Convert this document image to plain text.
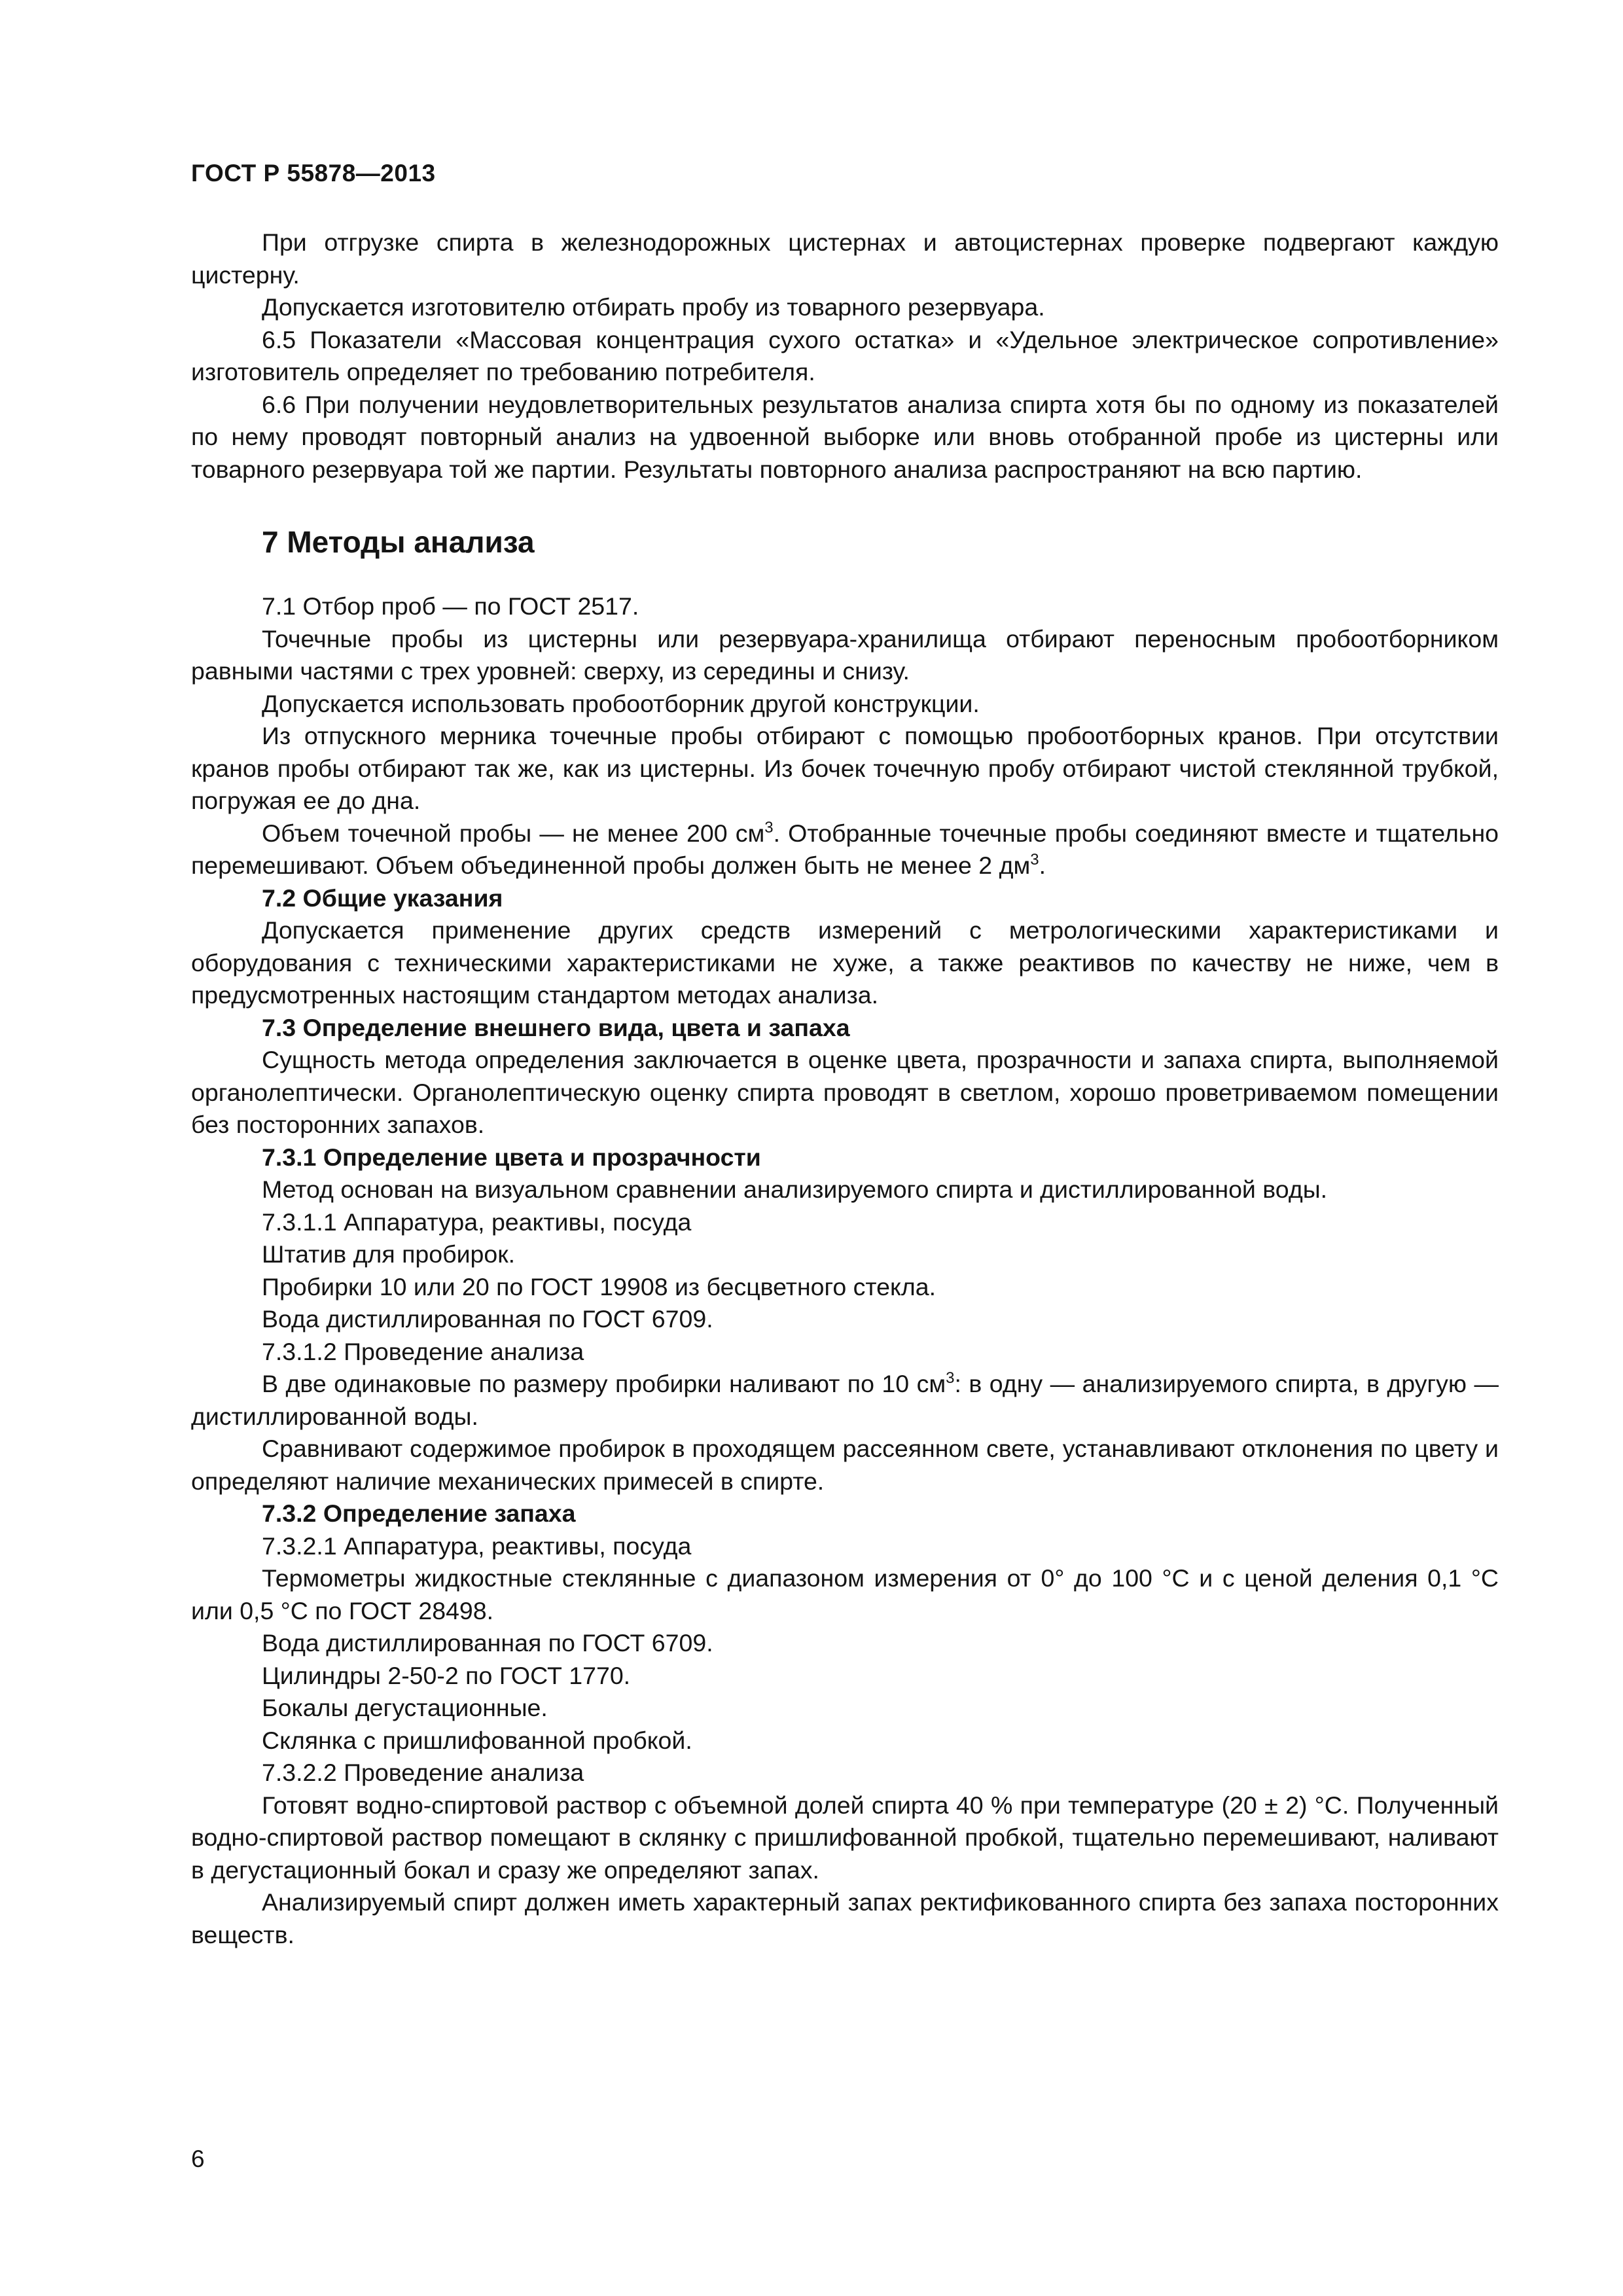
ГОСТ Р 55878—2013

При отгрузке спирта в железнодорожных цистернах и автоцистернах проверке подвергают каждую цистерну.

Допускается изготовителю отбирать пробу из товарного резервуара.

6.5 Показатели «Массовая концентрация сухого остатка» и «Удельное электрическое сопротивление» изготовитель определяет по требованию потребителя.

6.6 При получении неудовлетворительных результатов анализа спирта хотя бы по одному из показателей по нему проводят повторный анализ на удвоенной выборке или вновь отобранной пробе из цистерны или товарного резервуара той же партии. Результаты повторного анализа распространяют на всю партию.

7 Методы анализа

7.1 Отбор проб — по ГОСТ 2517.

Точечные пробы из цистерны или резервуара-хранилища отбирают переносным пробоотборником равными частями с трех уровней: сверху, из середины и снизу.

Допускается использовать пробоотборник другой конструкции.

Из отпускного мерника точечные пробы отбирают с помощью пробоотборных кранов. При отсутствии кранов пробы отбирают так же, как из цистерны. Из бочек точечную пробу отбирают чистой стеклянной трубкой, погружая ее до дна.

Объем точечной пробы — не менее 200 $см^3$. Отобранные точечные пробы соединяют вместе и тщательно перемешивают. Объем объединенной пробы должен быть не менее 2 $дм^3$.

7.2 Общие указания

Допускается применение других средств измерений с метрологическими характеристиками и оборудования с техническими характеристиками не хуже, а также реактивов по качеству не ниже, чем в предусмотренных настоящим стандартом методах анализа.

7.3 Определение внешнего вида, цвета и запаха

Сущность метода определения заключается в оценке цвета, прозрачности и запаха спирта, выполняемой органолептически. Органолептическую оценку спирта проводят в светлом, хорошо проветриваемом помещении без посторонних запахов.

7.3.1 Определение цвета и прозрачности

Метод основан на визуальном сравнении анализируемого спирта и дистиллированной воды.

7.3.1.1 Аппаратура, реактивы, посуда

Штатив для пробирок.

Пробирки 10 или 20 по ГОСТ 19908 из бесцветного стекла.

Вода дистиллированная по ГОСТ 6709.

7.3.1.2 Проведение анализа

В две одинаковые по размеру пробирки наливают по 10 $см^3$: в одну — анализируемого спирта, в другую — дистиллированной воды.

Сравнивают содержимое пробирок в проходящем рассеянном свете, устанавливают отклонения по цвету и определяют наличие механических примесей в спирте.

7.3.2 Определение запаха

7.3.2.1 Аппаратура, реактивы, посуда

Термометры жидкостные стеклянные с диапазоном измерения от 0° до 100 °С и с ценой деления 0,1 °С или 0,5 °С по ГОСТ 28498.

Вода дистиллированная по ГОСТ 6709.

Цилиндры 2-50-2 по ГОСТ 1770.

Бокалы дегустационные.

Склянка с пришлифованной пробкой.

7.3.2.2 Проведение анализа

Готовят водно-спиртовой раствор с объемной долей спирта 40 % при температуре (20 ± 2) °С. Полученный водно-спиртовой раствор помещают в склянку с пришлифованной пробкой, тщательно перемешивают, наливают в дегустационный бокал и сразу же определяют запах.

Анализируемый спирт должен иметь характерный запах ректификованного спирта без запаха посторонних веществ.

6
